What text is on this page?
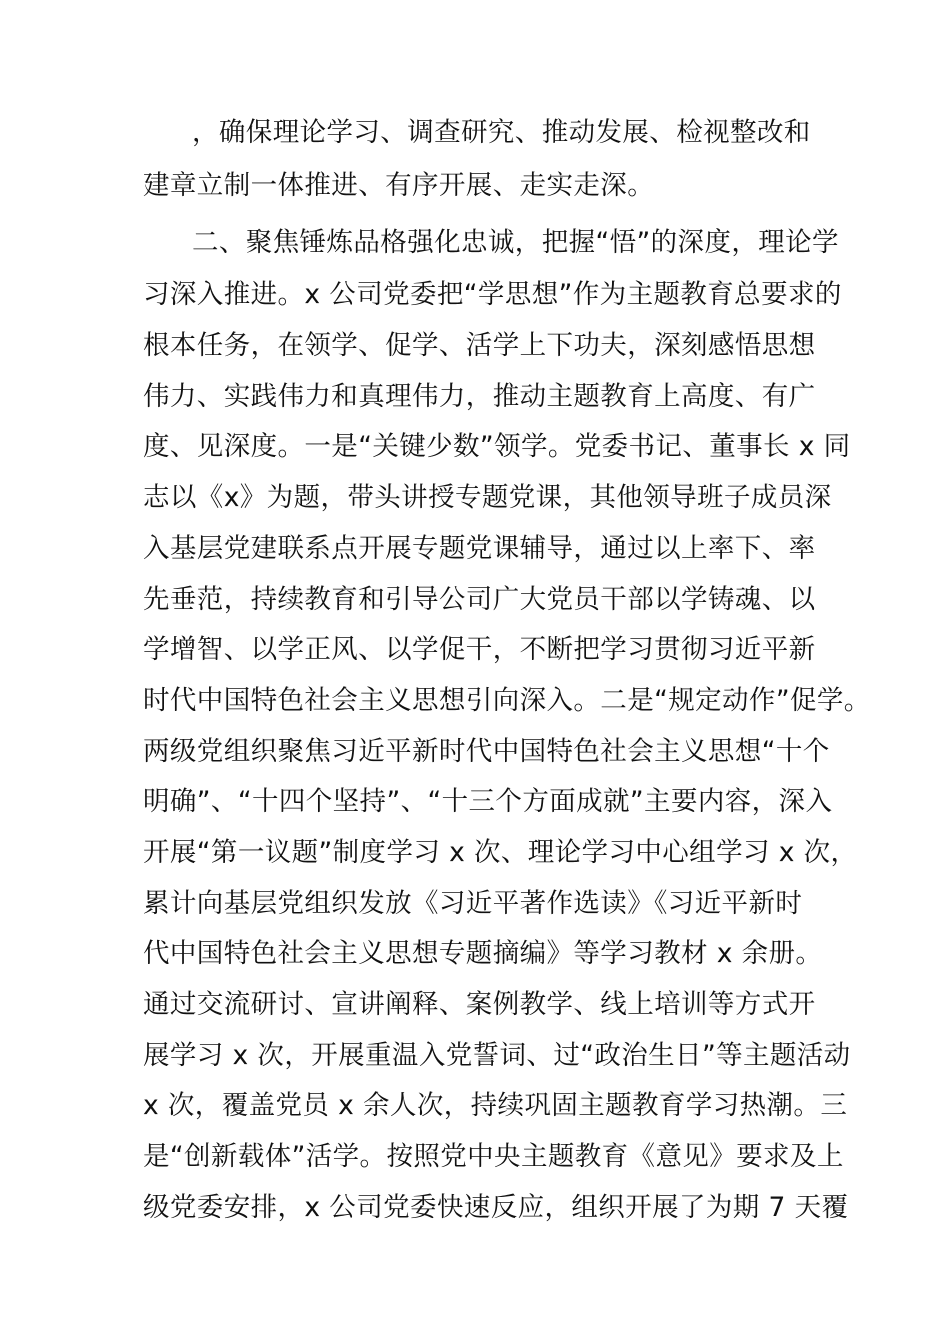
，确保理论学习、调查研究、推动发展、检视整改和
建章立制一体推进、有序开展、走实走深。
二、聚焦锤炼品格强化忠诚，把握“悟”的深度，理论学
习深入推进。x 公司党委把“学思想”作为主题教育总要求的
根本任务，在领学、促学、活学上下功夫，深刻感悟思想
伟力、实践伟力和真理伟力，推动主题教育上高度、有广
度、见深度。一是“关键少数”领学。党委书记、董事长 x 同
志以《x》为题，带头讲授专题党课，其他领导班子成员深
入基层党建联系点开展专题党课辅导，通过以上率下、率
先垂范，持续教育和引导公司广大党员干部以学铸魂、以
学增智、以学正风、以学促干，不断把学习贯彻习近平新
时代中国特色社会主义思想引向深入。二是“规定动作”促学。
两级党组织聚焦习近平新时代中国特色社会主义思想“十个
明确”、“十四个坚持”、“十三个方面成就”主要内容，深入
开展“第一议题”制度学习 x 次、理论学习中心组学习 x 次，
累计向基层党组织发放《习近平著作选读》《习近平新时
代中国特色社会主义思想专题摘编》等学习教材 x 余册。
通过交流研讨、宣讲阐释、案例教学、线上培训等方式开
展学习 x 次，开展重温入党誓词、过“政治生日”等主题活动
x 次，覆盖党员 x 余人次，持续巩固主题教育学习热潮。三
是“创新载体”活学。按照党中央主题教育《意见》要求及上
级党委安排，x 公司党委快速反应，组织开展了为期 7 天覆
